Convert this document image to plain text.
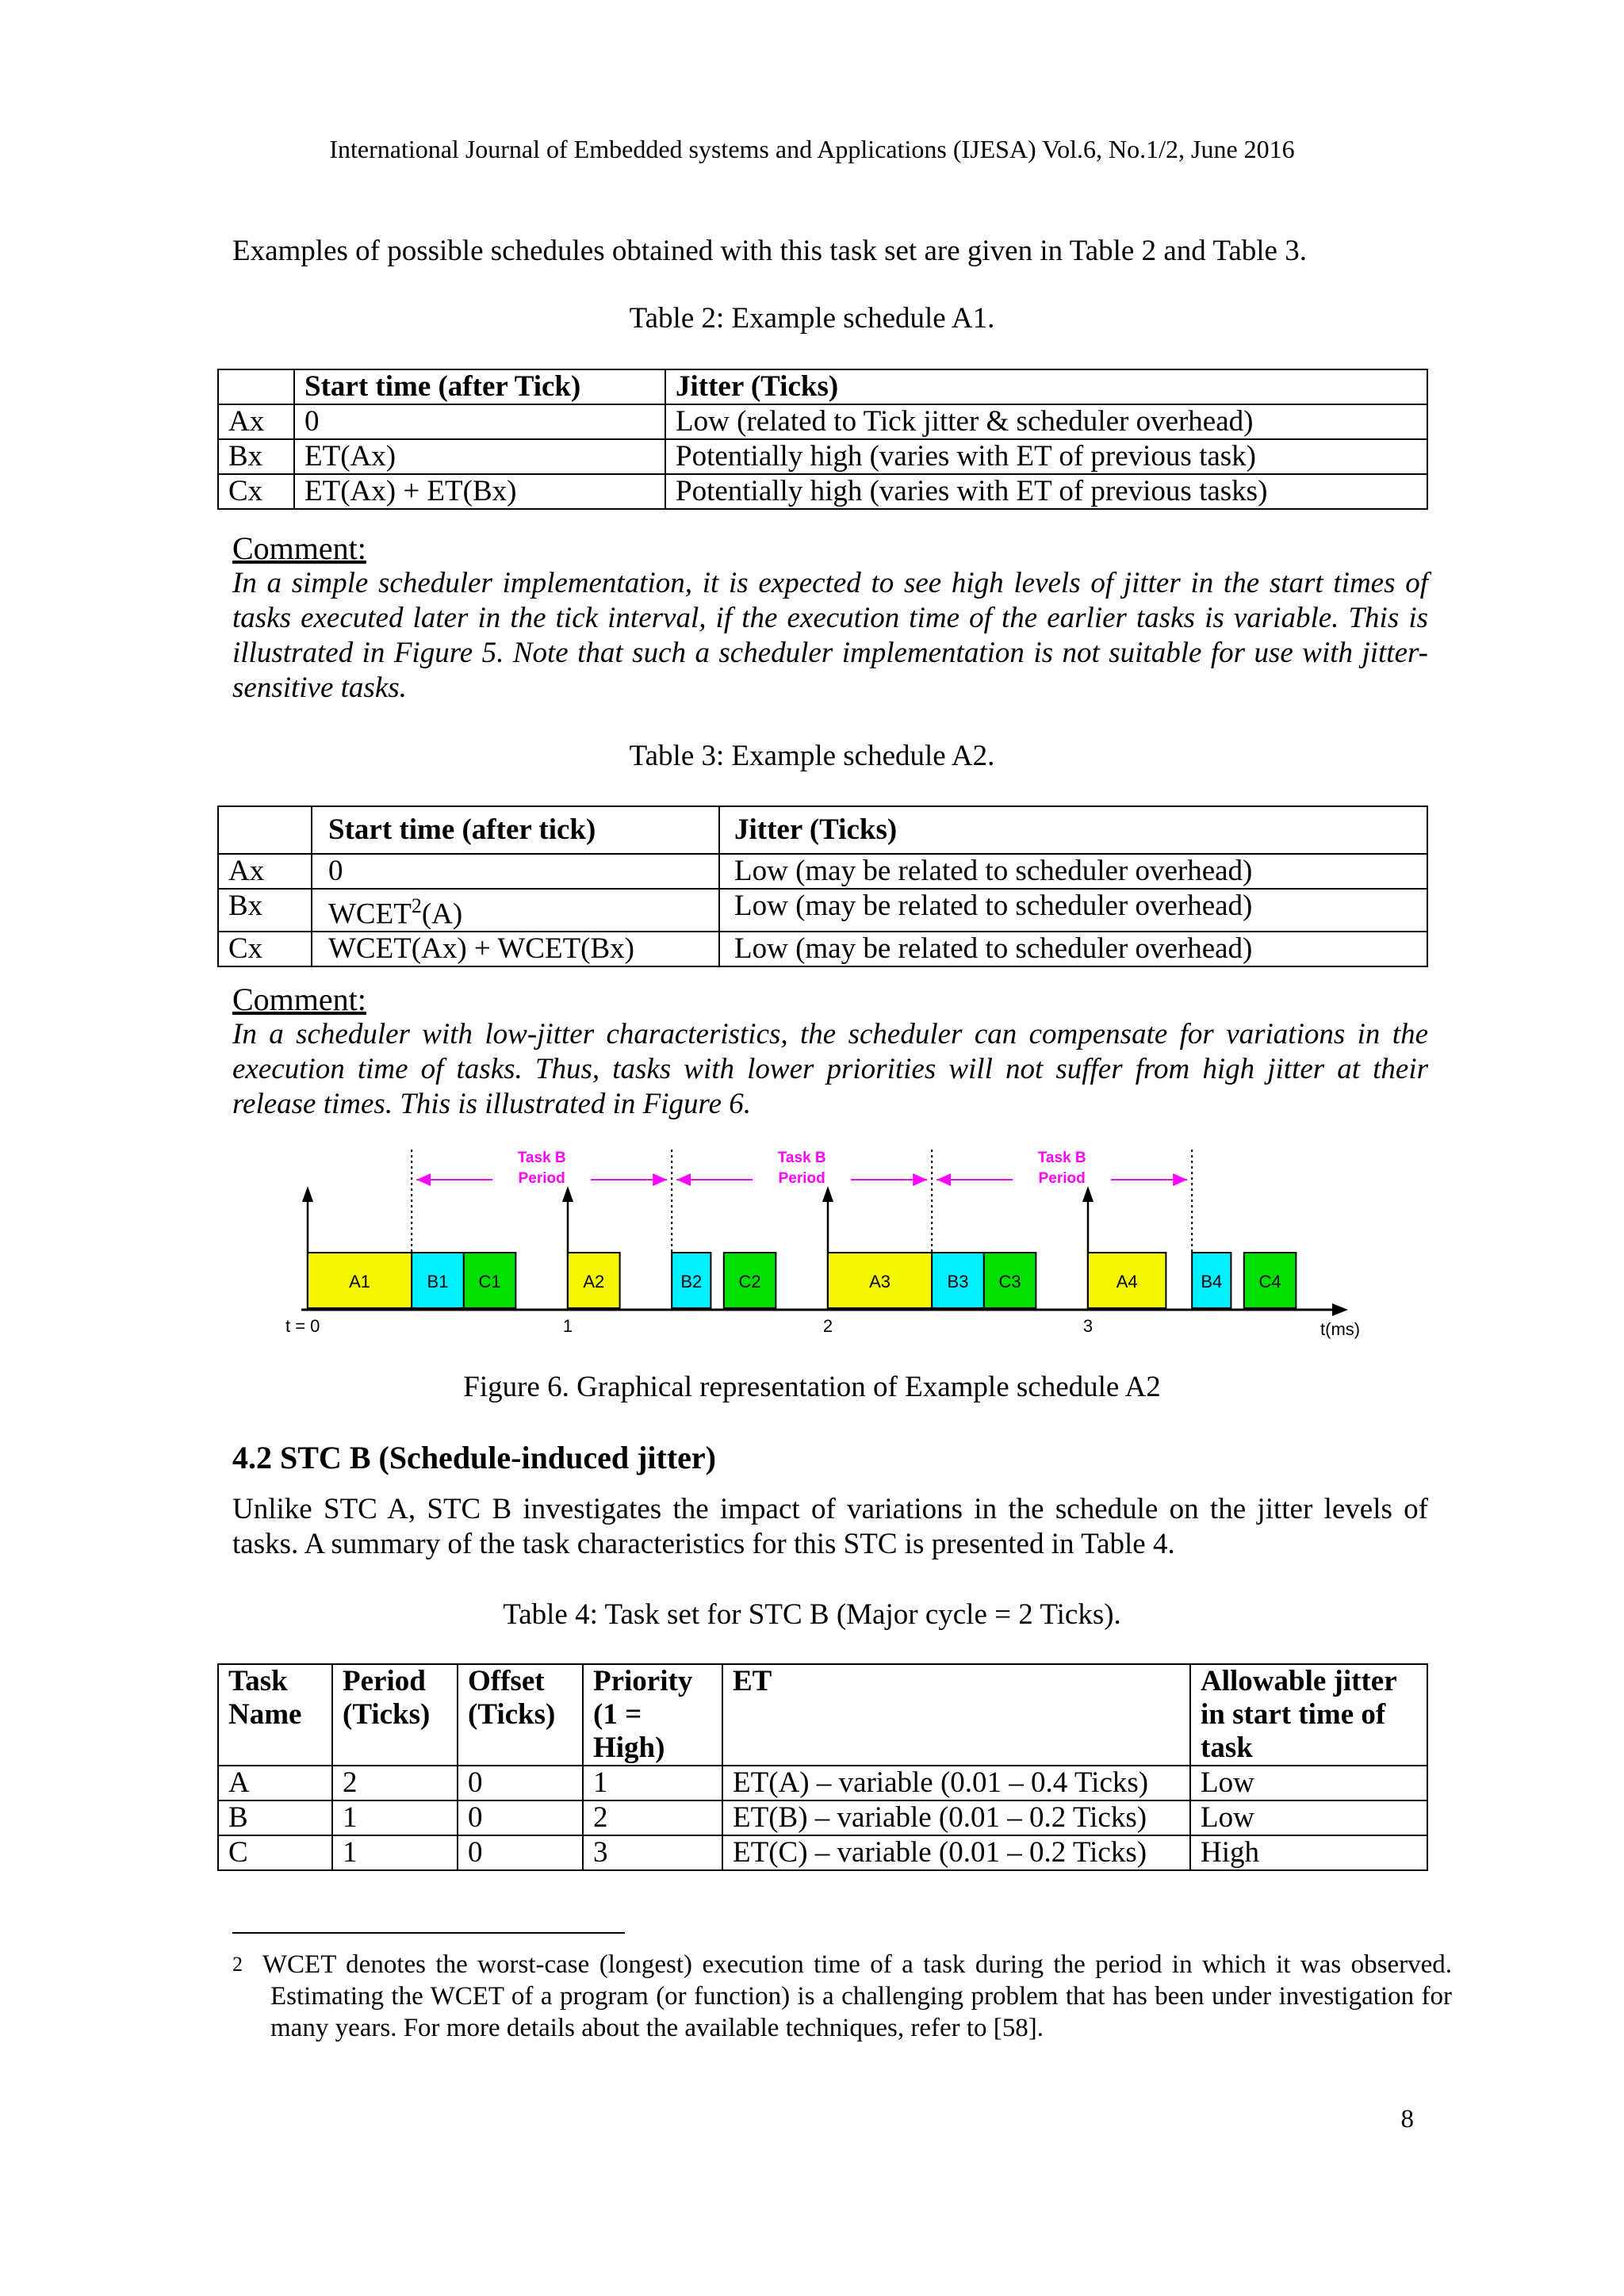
International Journal of Embedded systems and Applications (IJESA) Vol.6, No.1/2, June 2016

Examples of possible schedules obtained with this task set are given in Table 2 and Table 3.

Table 2: Example schedule A1.

	Start time (after Tick)	Jitter (Ticks)
Ax	0	Low (related to Tick jitter & scheduler overhead)
Bx	ET(Ax)	Potentially high (varies with ET of previous task)
Cx	ET(Ax) + ET(Bx)	Potentially high (varies with ET of previous tasks)

Comment:

In a simple scheduler implementation, it is expected to see high levels of jitter in the start times of tasks executed later in the tick interval, if the execution time of the earlier tasks is variable. This is illustrated in Figure 5. Note that such a scheduler implementation is not suitable for use with jitter-sensitive tasks.

Table 3: Example schedule A2.

	Start time (after tick)	Jitter (Ticks)
Ax	0	Low (may be related to scheduler overhead)
Bx	WCET$^2$(A)	Low (may be related to scheduler overhead)
Cx	WCET(Ax) + WCET(Bx)	Low (may be related to scheduler overhead)

Comment:

In a scheduler with low-jitter characteristics, the scheduler can compensate for variations in the execution time of tasks. Thus, tasks with lower priorities will not suffer from high jitter at their release times. This is illustrated in Figure 6.

Task B
Period
Task B
Period
Task B
Period
A1	B1 C1	A2	B2 C2	A3	B3 C3	A4	B4 C4
t(ms)
t = 0	1	2	3

Figure 6. Graphical representation of Example schedule A2

4.2 STC B (Schedule-induced jitter)

Unlike STC A, STC B investigates the impact of variations in the schedule on the jitter levels of tasks. A summary of the task characteristics for this STC is presented in Table 4.

Table 4: Task set for STC B (Major cycle = 2 Ticks).

Task Name	Period (Ticks)	Offset (Ticks)	Priority (1 = High)	ET	Allowable jitter in start time of task
A	2	0	1	ET(A) – variable (0.01 – 0.4 Ticks)	Low
B	1	0	2	ET(B) – variable (0.01 – 0.2 Ticks)	Low
C	1	0	3	ET(C) – variable (0.01 – 0.2 Ticks)	High

$^2$ WCET denotes the worst-case (longest) execution time of a task during the period in which it was observed. Estimating the WCET of a program (or function) is a challenging problem that has been under investigation for many years. For more details about the available techniques, refer to [58].

8
